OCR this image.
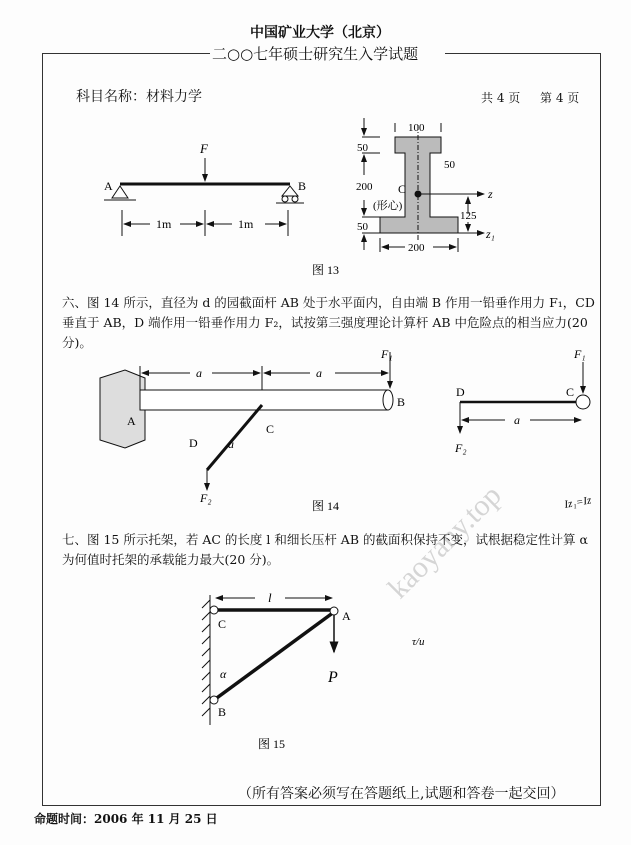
中国矿业大学（北京）
二○○七年硕士研究生入学试题
科目名称：材料力学	共 4 页 第 4 页
F
A	B
1m	1m
图 13
100
50
50
200
50
125
200
C
(形心)
z
z₁
a	a
a
a
A
B
C
D
F₁
F₂
C
D
F₁
F₂
图 14
l
A
C
B
P
α
图 15
Iz₁=Iz
τ/u
kaoyany.top
六、图 14 所示，直径为 d 的园截面杆 AB 处于水平面内，自由端 B 作用一铅垂作用力 F₁，CD 垂直于 AB，D 端作用一铅垂作用力 F₂，试按第三强度理论计算杆 AB 中危险点的相当应力(20 分)。
七、图 15 所示托架，若 AC 的长度 l 和细长压杆 AB 的截面积保持不变，试根据稳定性计算 α 为何值时托架的承载能力最大(20 分)。
（所有答案必须写在答题纸上,试题和答卷一起交回）
命题时间：2006 年 11 月 25 日
